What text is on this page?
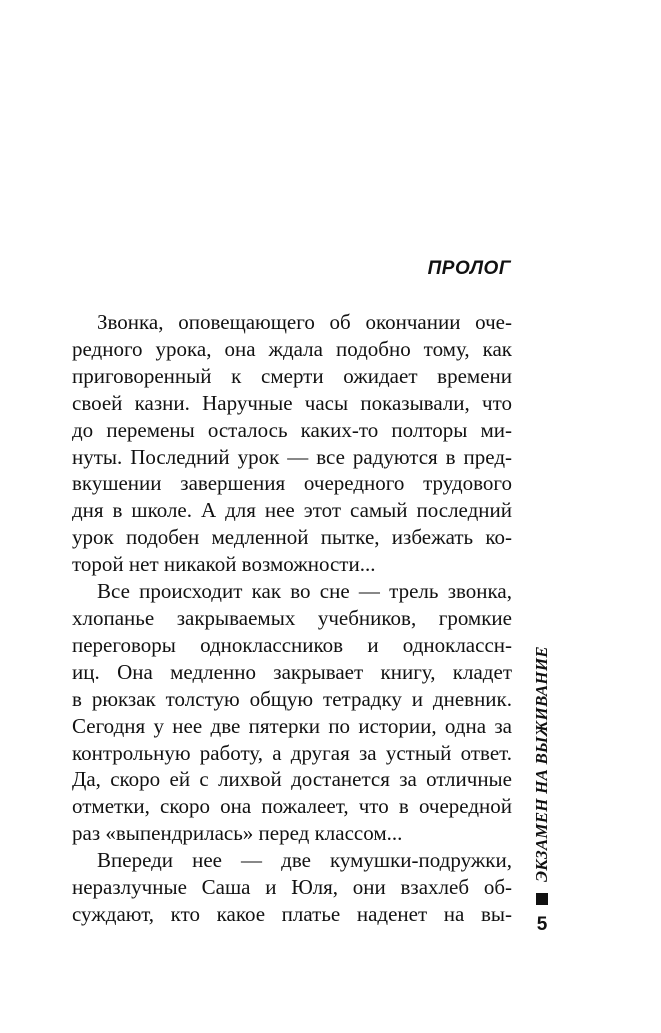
ПРОЛОГ

Звонка, оповещающего об окончании оче-
редного урока, она ждала подобно тому, как
приговоренный к смерти ожидает времени
своей казни. Наручные часы показывали, что
до перемены осталось каких-то полторы ми-
нуты. Последний урок — все радуются в пред-
вкушении завершения очередного трудового
дня в школе. А для нее этот самый последний
урок подобен медленной пытке, избежать ко-
торой нет никакой возможности...

Все происходит как во сне — трель звонка,
хлопанье закрываемых учебников, громкие
переговоры одноклассников и одноклассн-
иц. Она медленно закрывает книгу, кладет
в рюкзак толстую общую тетрадку и дневник.
Сегодня у нее две пятерки по истории, одна за
контрольную работу, а другая за устный ответ.
Да, скоро ей с лихвой достанется за отличные
отметки, скоро она пожалеет, что в очередной
раз «выпендрилась» перед классом...

Впереди нее — две кумушки-подружки,
неразлучные Саша и Юля, они взахлеб об-
суждают, кто какое платье наденет на вы-

ЭКЗАМЕН НА ВЫЖИВАНИЕ

5
